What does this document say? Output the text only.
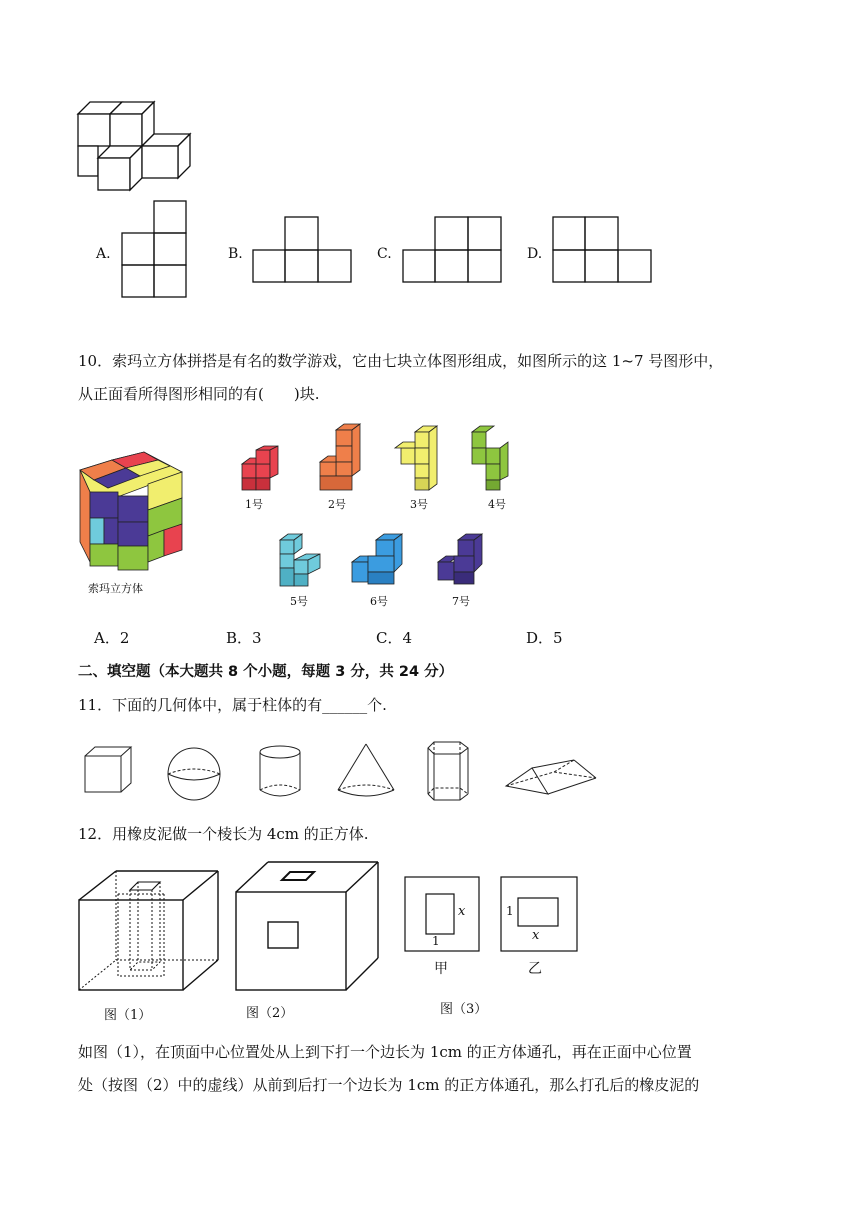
A.	B.	C.	D.
10．索玛立方体拼搭是有名的数学游戏，它由七块立体图形组成，如图所示的这 1~7 号图形中，
从正面看所得图形相同的有(　　)块.
索玛立方体
1号	2号	3号	4号
5号	6号	7号
A．2	B．3	C．4	D．5
二、填空题（本大题共 8 个小题，每题 3 分，共 24 分）
11．下面的几何体中，属于柱体的有______个.
12．用橡皮泥做一个棱长为 4cm 的正方体.
图（1）	图（2）
x
1
甲
1
x
乙
图（3）
如图（1），在顶面中心位置处从上到下打一个边长为 1cm 的正方体通孔，再在正面中心位置
处（按图（2）中的虚线）从前到后打一个边长为 1cm 的正方体通孔，那么打孔后的橡皮泥的
